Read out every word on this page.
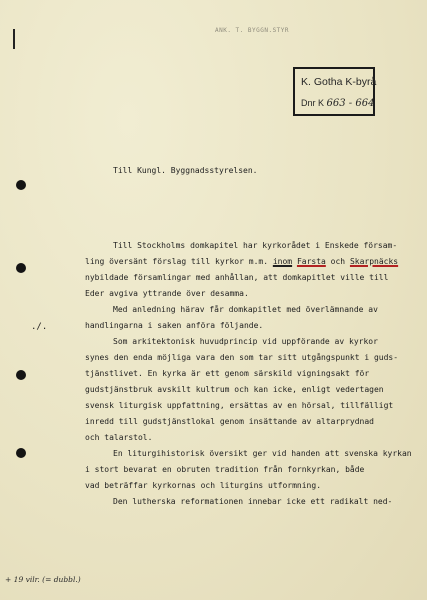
ANK. T. BYGGN.STYR
K. Gotha K-byrå
Dnr K 663 - 664
Till Kungl. Byggnadsstyrelsen.
./.
+ 19 vilr. (= dubbl.)
Till Stockholms domkapitel har kyrkorådet i Enskede försam-
ling översänt förslag till kyrkor m.m. inom Farsta och Skarpnäcks
nybildade församlingar med anhållan, att domkapitlet ville till
Eder avgiva yttrande över desamma.
Med anledning härav får domkapitlet med överlämnande av
handlingarna i saken anföra följande.
Som arkitektonisk huvudprincip vid uppförande av kyrkor
synes den enda möjliga vara den som tar sitt utgångspunkt i guds-
tjänstlivet. En kyrka är ett genom särskild vigningsakt för
gudstjänstbruk avskilt kultrum och kan icke, enligt vedertagen
svensk liturgisk uppfattning, ersättas av en hörsal, tillfälligt
inredd till gudstjänstlokal genom insättande av altarprydnad
och talarstol.
En liturgihistorisk översikt ger vid handen att svenska kyrkan
i stort bevarat en obruten tradition från fornkyrkan, både
vad beträffar kyrkornas och liturgins utformning.
Den lutherska reformationen innebar icke ett radikalt ned-
